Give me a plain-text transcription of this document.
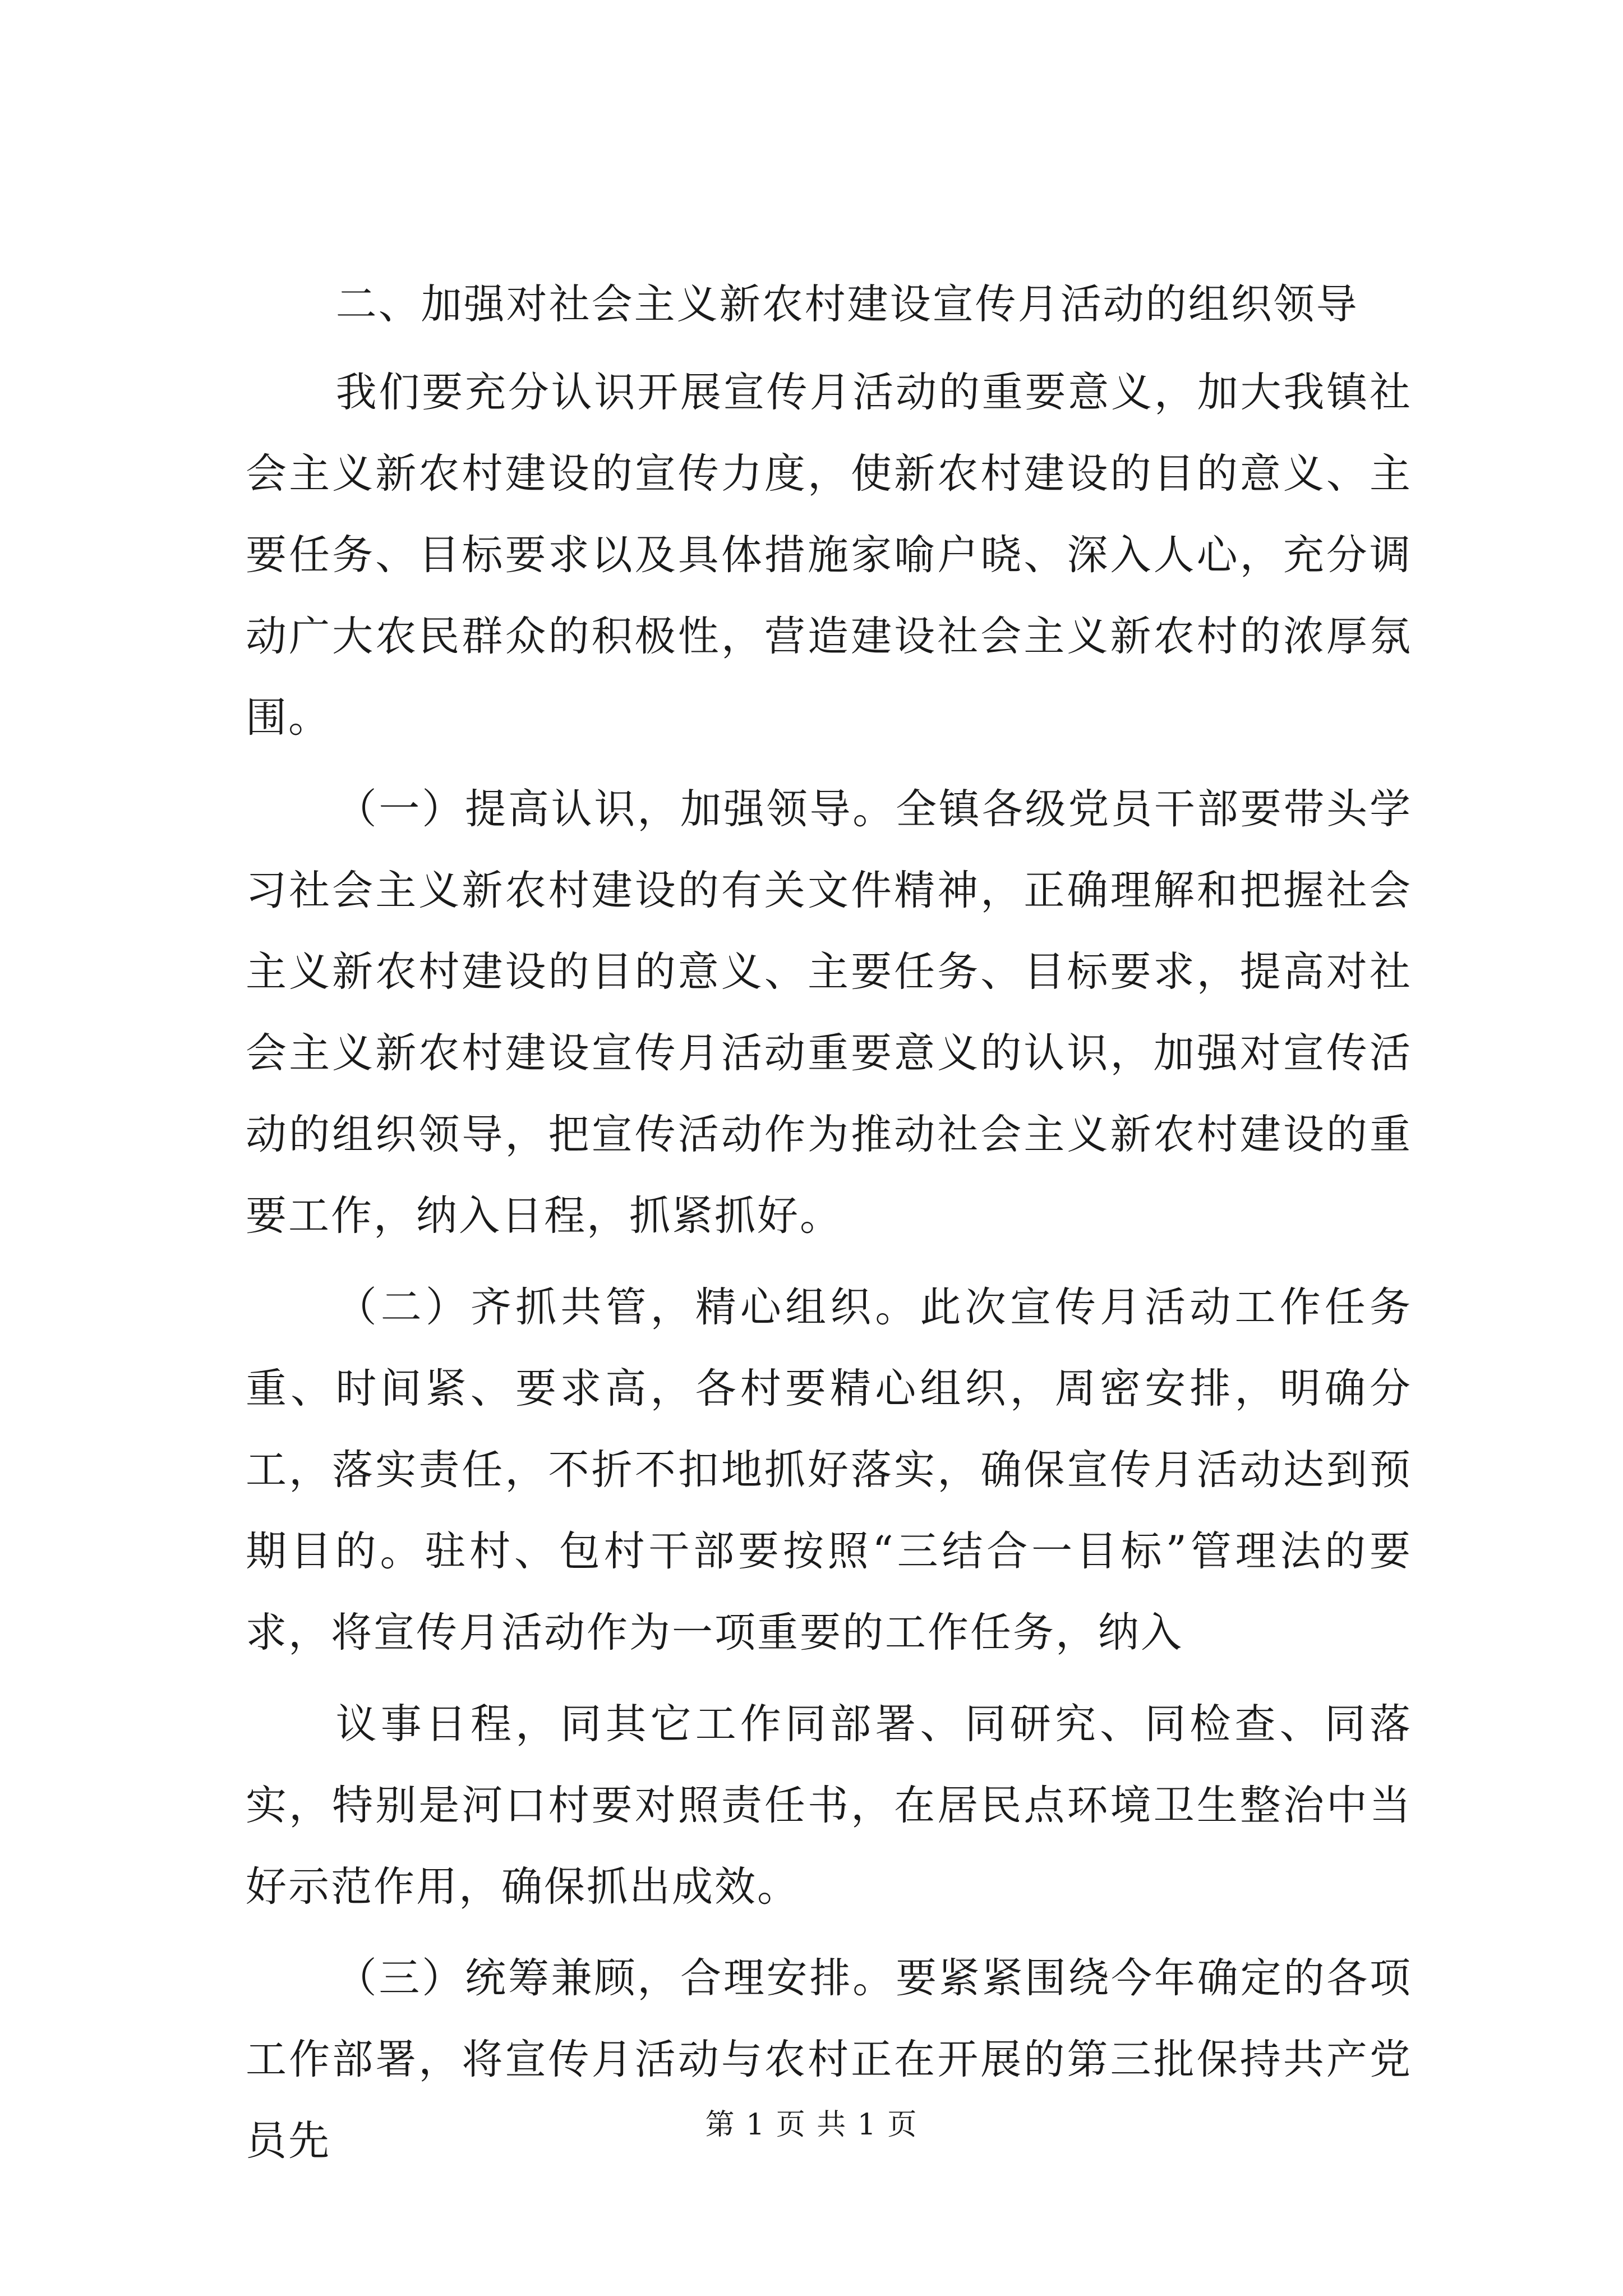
二、加强对社会主义新农村建设宣传月活动的组织领导

我们要充分认识开展宣传月活动的重要意义，加大我镇社会主义新农村建设的宣传力度，使新农村建设的目的意义、主要任务、目标要求以及具体措施家喻户晓、深入人心，充分调动广大农民群众的积极性，营造建设社会主义新农村的浓厚氛围。

（一）提高认识，加强领导。全镇各级党员干部要带头学习社会主义新农村建设的有关文件精神，正确理解和把握社会主义新农村建设的目的意义、主要任务、目标要求，提高对社会主义新农村建设宣传月活动重要意义的认识，加强对宣传活动的组织领导，把宣传活动作为推动社会主义新农村建设的重要工作，纳入日程，抓紧抓好。

（二）齐抓共管，精心组织。此次宣传月活动工作任务重、时间紧、要求高，各村要精心组织，周密安排，明确分工，落实责任，不折不扣地抓好落实，确保宣传月活动达到预期目的。驻村、包村干部要按照“三结合一目标”管理法的要求，将宣传月活动作为一项重要的工作任务，纳入

议事日程，同其它工作同部署、同研究、同检查、同落实，特别是河口村要对照责任书，在居民点环境卫生整治中当好示范作用，确保抓出成效。

（三）统筹兼顾，合理安排。要紧紧围绕今年确定的各项工作部署，将宣传月活动与农村正在开展的第三批保持共产党员先	第 1 页 共 1 页
